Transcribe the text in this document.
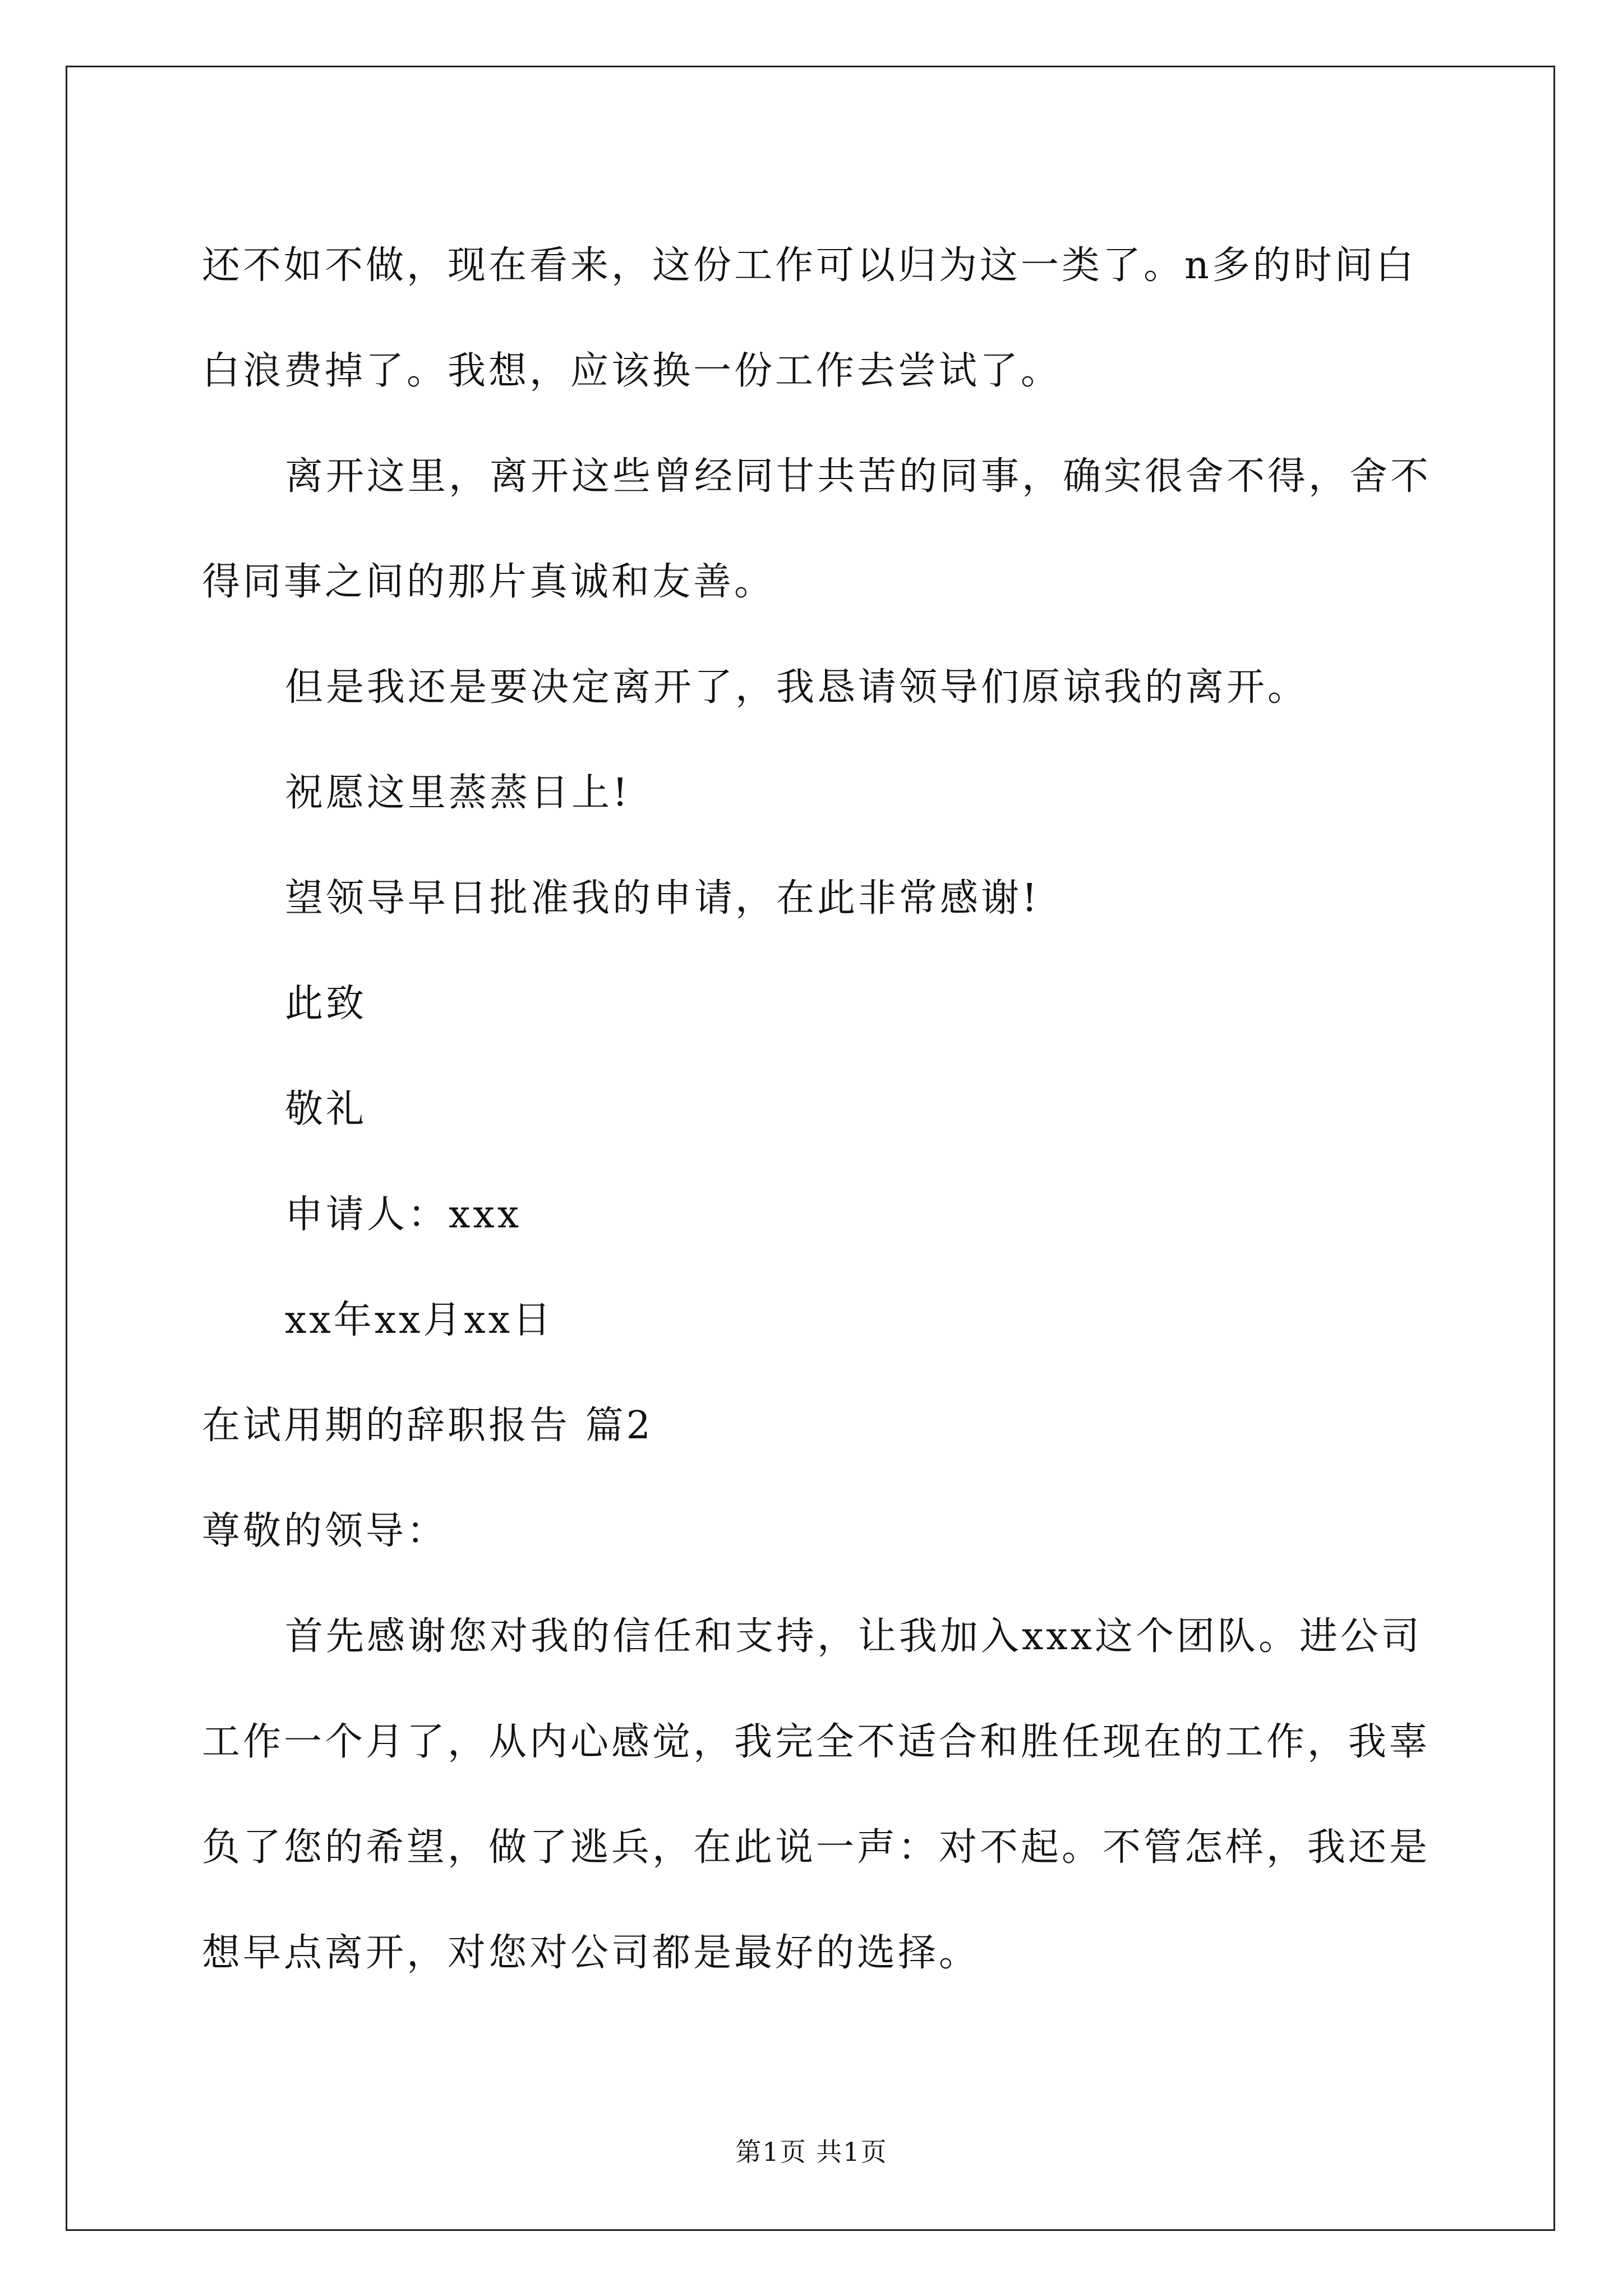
还不如不做，现在看来，这份工作可以归为这一类了。n多的时间白
白浪费掉了。我想，应该换一份工作去尝试了。
离开这里，离开这些曾经同甘共苦的同事，确实很舍不得，舍不
得同事之间的那片真诚和友善。
但是我还是要决定离开了，我恳请领导们原谅我的离开。
祝愿这里蒸蒸日上!
望领导早日批准我的申请，在此非常感谢!
此致
敬礼
申请人：xxx
xx年xx月xx日
在试用期的辞职报告 篇2
尊敬的领导：
首先感谢您对我的信任和支持，让我加入xxx这个团队。进公司
工作一个月了，从内心感觉，我完全不适合和胜任现在的工作，我辜
负了您的希望，做了逃兵，在此说一声：对不起。不管怎样，我还是
想早点离开，对您对公司都是最好的选择。
第1页 共1页
